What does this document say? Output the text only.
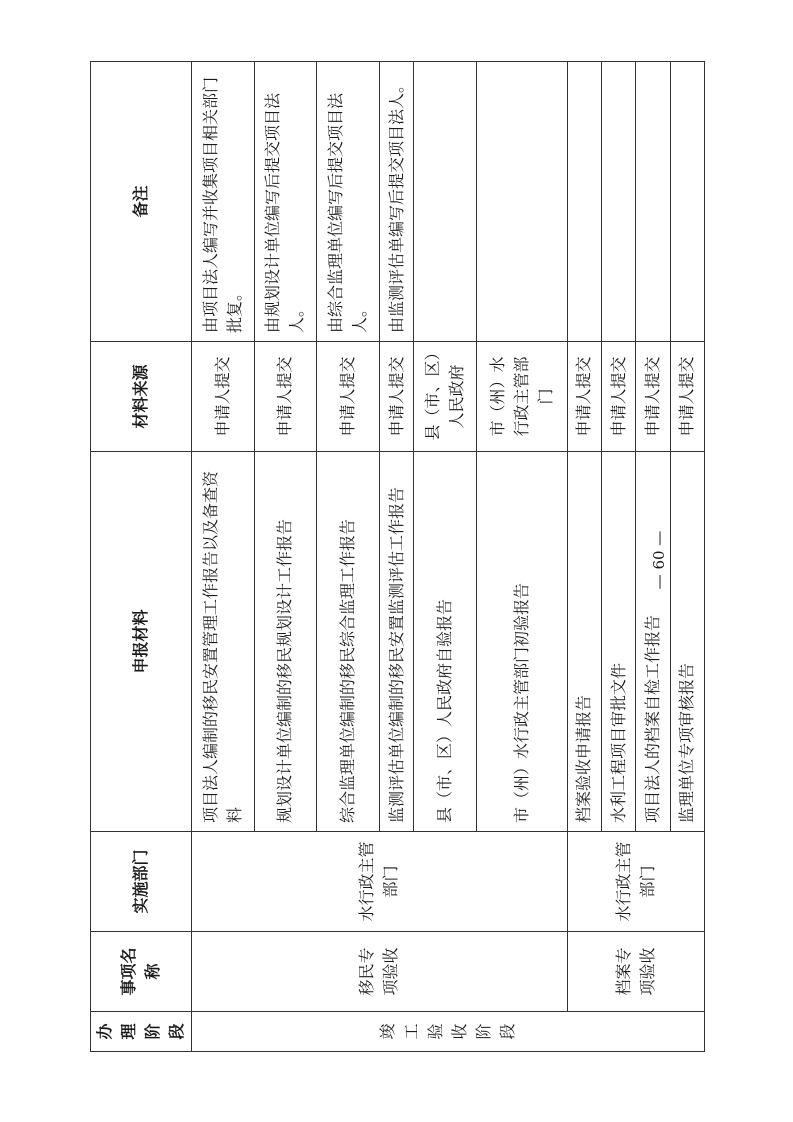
办理阶段	事项名称	实施部门	申报材料	材料来源	备注
竣工验收阶段	移民专项验收	水行政主管部门	项目法人编制的移民安置管理工作报告以及备查资料	申请人提交	由项目法人编写并收集项目相关部门批复。
			规划设计单位编制的移民规划设计工作报告	申请人提交	由规划设计单位编写后提交项目法人。
			综合监理单位编制的移民综合监理工作报告	申请人提交	由综合监理单位编写后提交项目法人。
			监测评估单位编制的移民安置监测评估工作报告	申请人提交	由监测评估单编写后提交项目法人。
			县（市、区）人民政府自验报告	县（市、区）人民政府	
			市（州）水行政主管部门初验报告	市（州）水行政主管部门	
	档案专项验收	水行政主管部门	档案验收申请报告	申请人提交	
			水利工程项目审批文件	申请人提交	
			项目法人的档案自检工作报告	申请人提交	
			监理单位专项审核报告	申请人提交	
— 60 —
